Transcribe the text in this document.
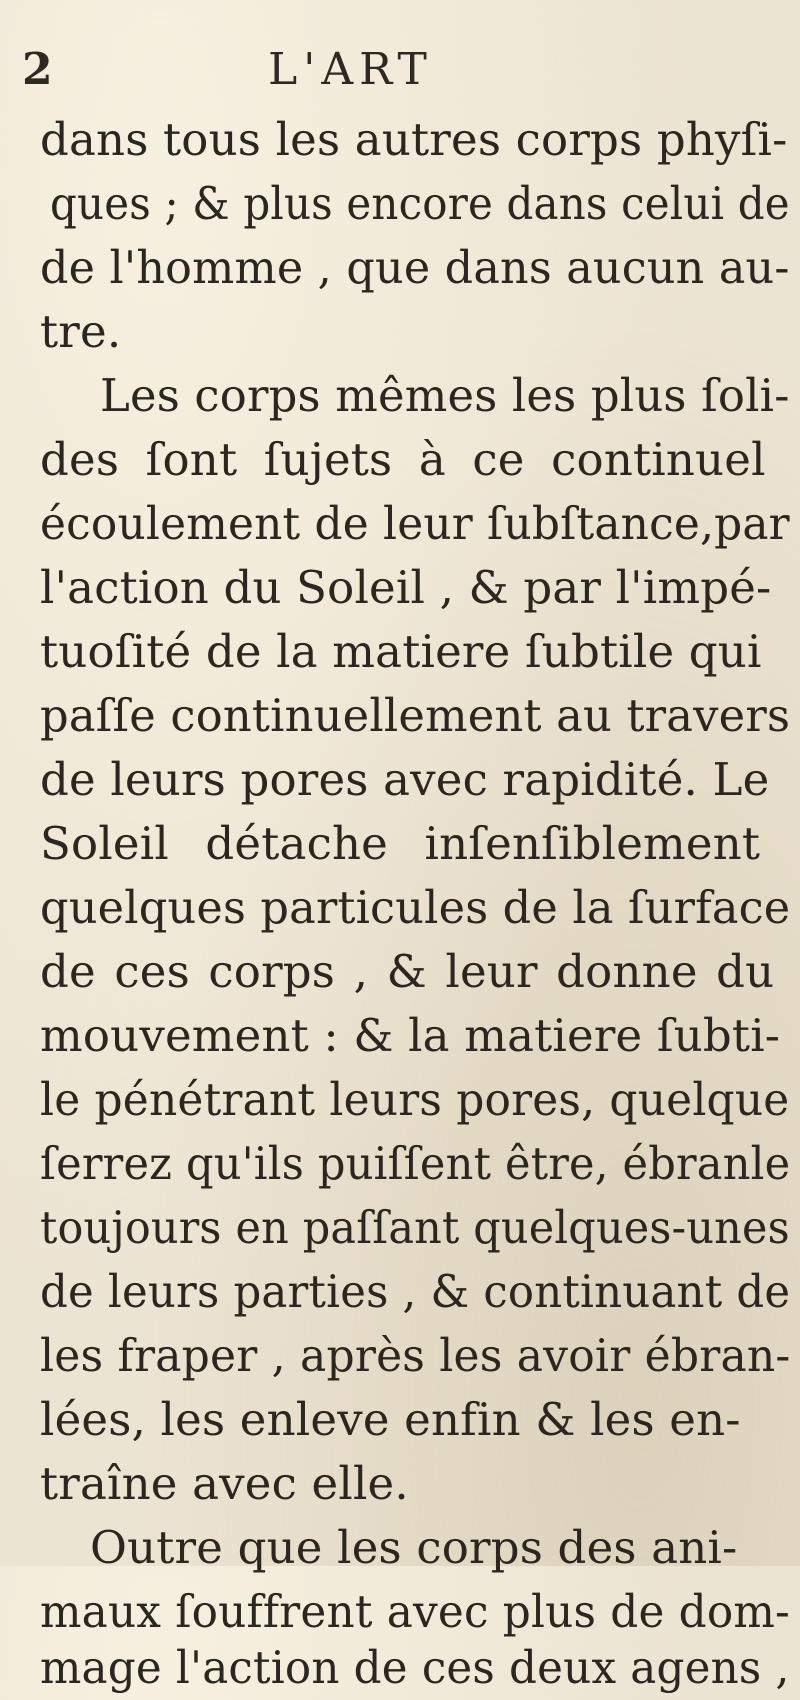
2	L'ART
dans tous les autres corps phyſi-
ques ; & plus encore dans celui de
de l'homme , que dans aucun au-
tre.
Les corps mêmes les plus ſoli-
des ſont ſujets à ce continuel
écoulement de leur ſubſtance,par
l'action du Soleil , & par l'impé-
tuoſité de la matiere ſubtile qui
paſſe continuellement au travers
de leurs pores avec rapidité. Le
Soleil détache inſenſiblement
quelques particules de la ſurface
de ces corps , & leur donne du
mouvement : & la matiere ſubti-
le pénétrant leurs pores, quelque
ſerrez qu'ils puiſſent être, ébranle
toujours en paſſant quelques-unes
de leurs parties , & continuant de
les fraper , après les avoir ébran-
lées, les enleve enfin & les en-
traîne avec elle.
Outre que les corps des ani-
maux ſouffrent avec plus de dom-
mage l'action de ces deux agens ,
